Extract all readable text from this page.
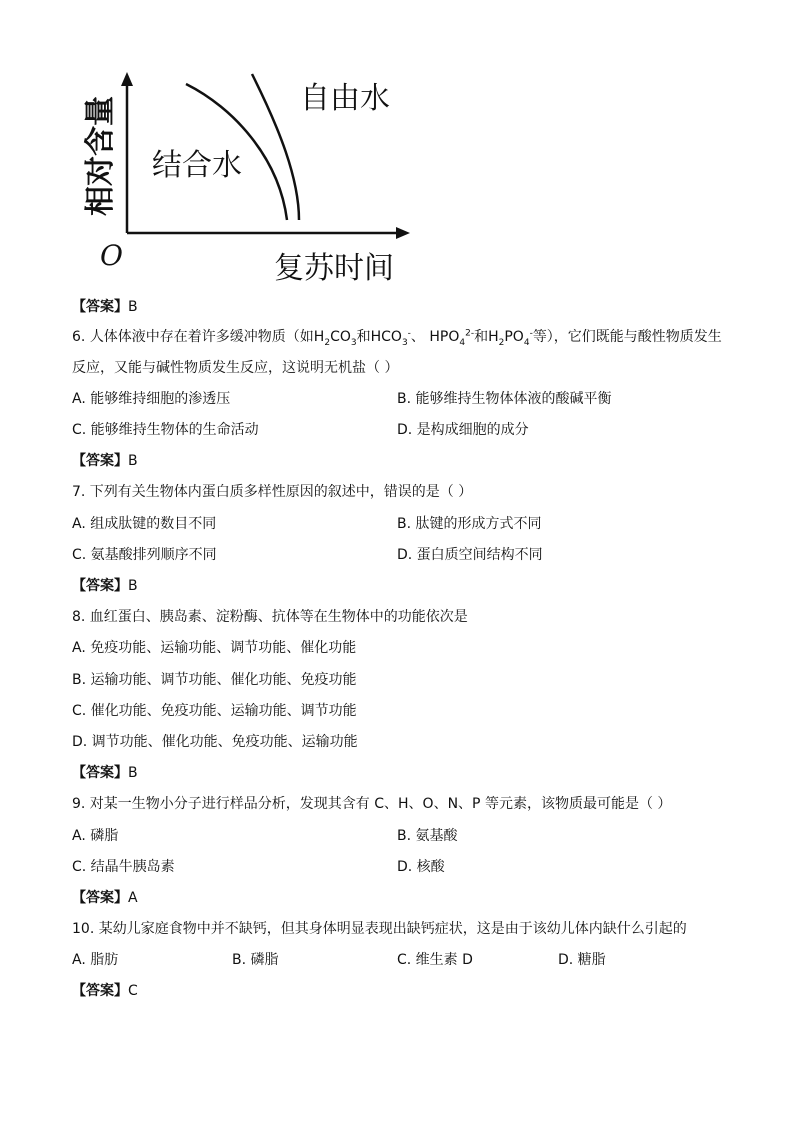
相对含量
O	复苏时间
结合水
自由水
【答案】B
6. 人体体液中存在着许多缓冲物质（如$H_2CO_3$和$HCO_3^-$、 $HPO_4^{2-}$和$H_2PO_4^-$等），它们既能与酸性物质发生
反应，又能与碱性物质发生反应，这说明无机盐（ ）
A. 能够维持细胞的渗透压	B. 能够维持生物体体液的酸碱平衡
C. 能够维持生物体的生命活动	D. 是构成细胞的成分
【答案】B
7. 下列有关生物体内蛋白质多样性原因的叙述中，错误的是（ ）
A. 组成肽键的数目不同	B. 肽键的形成方式不同
C. 氨基酸排列顺序不同	D. 蛋白质空间结构不同
【答案】B
8. 血红蛋白、胰岛素、淀粉酶、抗体等在生物体中的功能依次是
A. 免疫功能、运输功能、调节功能、催化功能
B. 运输功能、调节功能、催化功能、免疫功能
C. 催化功能、免疫功能、运输功能、调节功能
D. 调节功能、催化功能、免疫功能、运输功能
【答案】B
9. 对某一生物小分子进行样品分析，发现其含有 C、H、O、N、P 等元素，该物质最可能是（ ）
A. 磷脂	B. 氨基酸
C. 结晶牛胰岛素	D. 核酸
【答案】A
10. 某幼儿家庭食物中并不缺钙，但其身体明显表现出缺钙症状，这是由于该幼儿体内缺什么引起的
A. 脂肪	B. 磷脂	C. 维生素 D	D. 糖脂
【答案】C
